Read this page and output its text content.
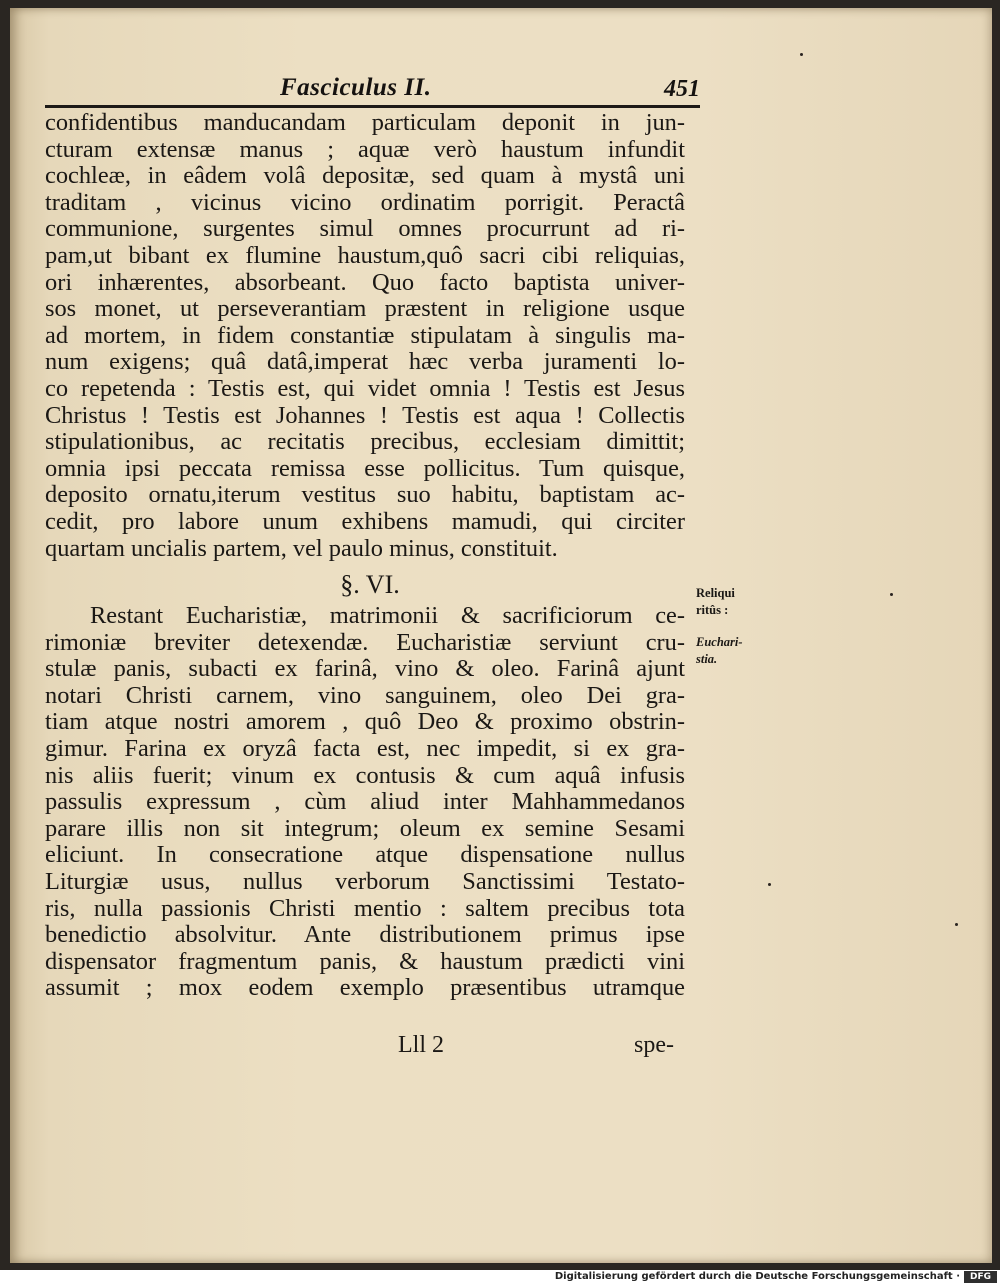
Fasciculus II.	451
confidentibus manducandam particulam deponit in jun-
cturam extensæ manus ; aquæ verò haustum infundit
cochleæ, in eâdem volâ depositæ, sed quam à mystâ uni
traditam , vicinus vicino ordinatim porrigit. Peractâ
communione, surgentes simul omnes procurrunt ad ri-
pam,ut bibant ex flumine haustum,quô sacri cibi reliquias,
ori inhærentes, absorbeant. Quo facto baptista univer-
sos monet, ut perseverantiam præstent in religione usque
ad mortem, in fidem constantiæ stipulatam à singulis ma-
num exigens; quâ datâ,imperat hæc verba juramenti lo-
co repetenda : Testis est, qui videt omnia ! Testis est Jesus
Christus ! Testis est Johannes ! Testis est aqua ! Collectis
stipulationibus, ac recitatis precibus, ecclesiam dimittit;
omnia ipsi peccata remissa esse pollicitus. Tum quisque,
deposito ornatu,iterum vestitus suo habitu, baptistam ac-
cedit, pro labore unum exhibens mamudi, qui circiter
quartam uncialis partem, vel paulo minus, constituit.
§. VI.
Restant Eucharistiæ, matrimonii & sacrificiorum ce-
rimoniæ breviter detexendæ. Eucharistiæ serviunt cru-
stulæ panis, subacti ex farinâ, vino & oleo. Farinâ ajunt
notari Christi carnem, vino sanguinem, oleo Dei gra-
tiam atque nostri amorem , quô Deo & proximo obstrin-
gimur. Farina ex oryzâ facta est, nec impedit, si ex gra-
nis aliis fuerit; vinum ex contusis & cum aquâ infusis
passulis expressum , cùm aliud inter Mahhammedanos
parare illis non sit integrum; oleum ex semine Sesami
eliciunt. In consecratione atque dispensatione nullus
Liturgiæ usus, nullus verborum Sanctissimi Testato-
ris, nulla passionis Christi mentio : saltem precibus tota
benedictio absolvitur. Ante distributionem primus ipse
dispensator fragmentum panis, & haustum prædicti vini
assumit ; mox eodem exemplo præsentibus utramque
Reliqui
ritûs :
Euchari-
stia.
Lll 2	spe-
Digitalisierung gefördert durch die Deutsche Forschungsgemeinschaft ·	DFG
